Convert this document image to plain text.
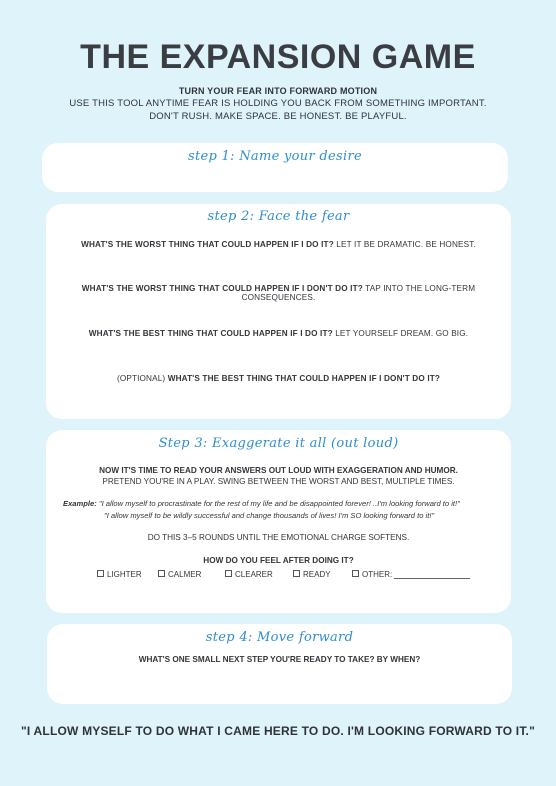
THE EXPANSION GAME
TURN YOUR FEAR INTO FORWARD MOTION
USE THIS TOOL ANYTIME FEAR IS HOLDING YOU BACK FROM SOMETHING IMPORTANT.
DON'T RUSH. MAKE SPACE. BE HONEST. BE PLAYFUL.
step 1: Name your desire
step 2: Face the fear
WHAT'S THE WORST THING THAT COULD HAPPEN IF I DO IT? LET IT BE DRAMATIC. BE HONEST.
WHAT'S THE WORST THING THAT COULD HAPPEN IF I DON'T DO IT? TAP INTO THE LONG-TERM CONSEQUENCES.
WHAT'S THE BEST THING THAT COULD HAPPEN IF I DO IT? LET YOURSELF DREAM. GO BIG.
(OPTIONAL) WHAT'S THE BEST THING THAT COULD HAPPEN IF I DON'T DO IT?
Step 3: Exaggerate it all (out loud)
NOW IT'S TIME TO READ YOUR ANSWERS OUT LOUD WITH EXAGGERATION AND HUMOR.
PRETEND YOU'RE IN A PLAY. SWING BETWEEN THE WORST AND BEST, MULTIPLE TIMES.
Example: "I allow myself to procrastinate for the rest of my life and be disappointed forever! ..I'm looking forward to it!"
"I allow myself to be wildly successful and change thousands of lives! I'm SO looking forward to it!"
DO THIS 3–5 ROUNDS UNTIL THE EMOTIONAL CHARGE SOFTENS.
HOW DO YOU FEEL AFTER DOING IT?
LIGHTER	CALMER	CLEARER	READY	OTHER:
step 4: Move forward
WHAT'S ONE SMALL NEXT STEP YOU'RE READY TO TAKE? BY WHEN?
"I ALLOW MYSELF TO DO WHAT I CAME HERE TO DO. I'M LOOKING FORWARD TO IT."
